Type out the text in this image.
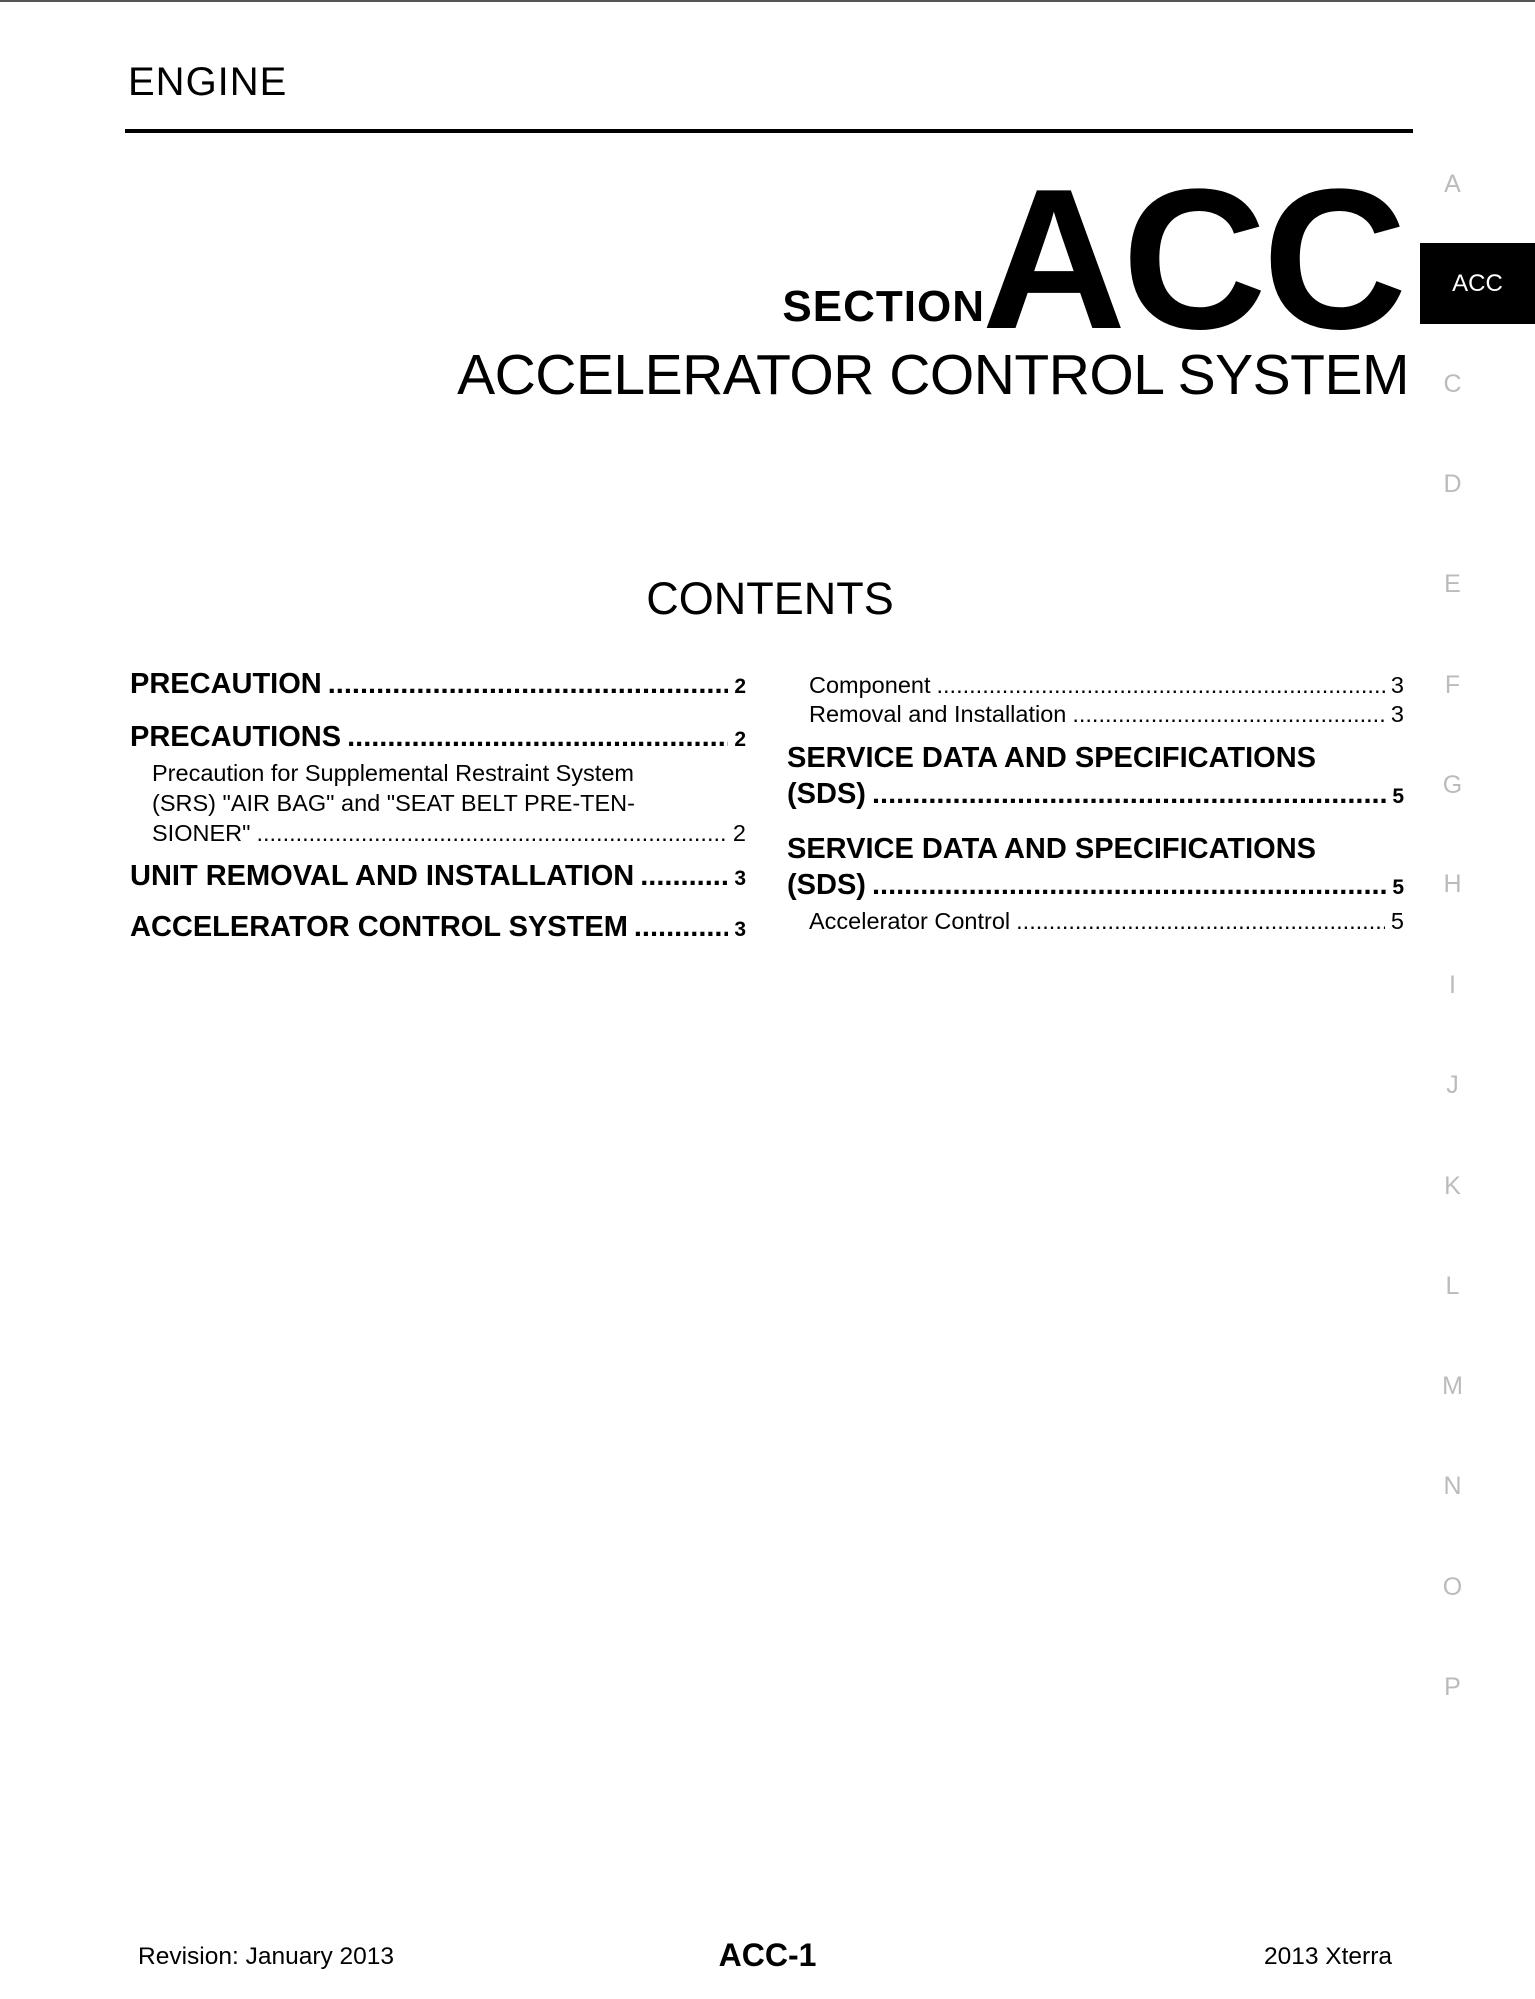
ENGINE
SECTION
ACC
ACCELERATOR CONTROL SYSTEM
CONTENTS
PRECAUTION .....	2
PRECAUTIONS .....	2
Precaution for Supplemental Restraint System
(SRS) "AIR BAG" and "SEAT BELT PRE-TEN-
SIONER" .....	2
UNIT REMOVAL AND INSTALLATION .....	3
ACCELERATOR CONTROL SYSTEM .....	3
Component .....	3
Removal and Installation .....	3
SERVICE DATA AND SPECIFICATIONS
(SDS) .....	5
SERVICE DATA AND SPECIFICATIONS
(SDS) .....	5
Accelerator Control .....	5
A
ACC
C
D
E
F
G
H
I
J
K
L
M
N
O
P
Revision: January 2013	ACC-1	2013 Xterra
